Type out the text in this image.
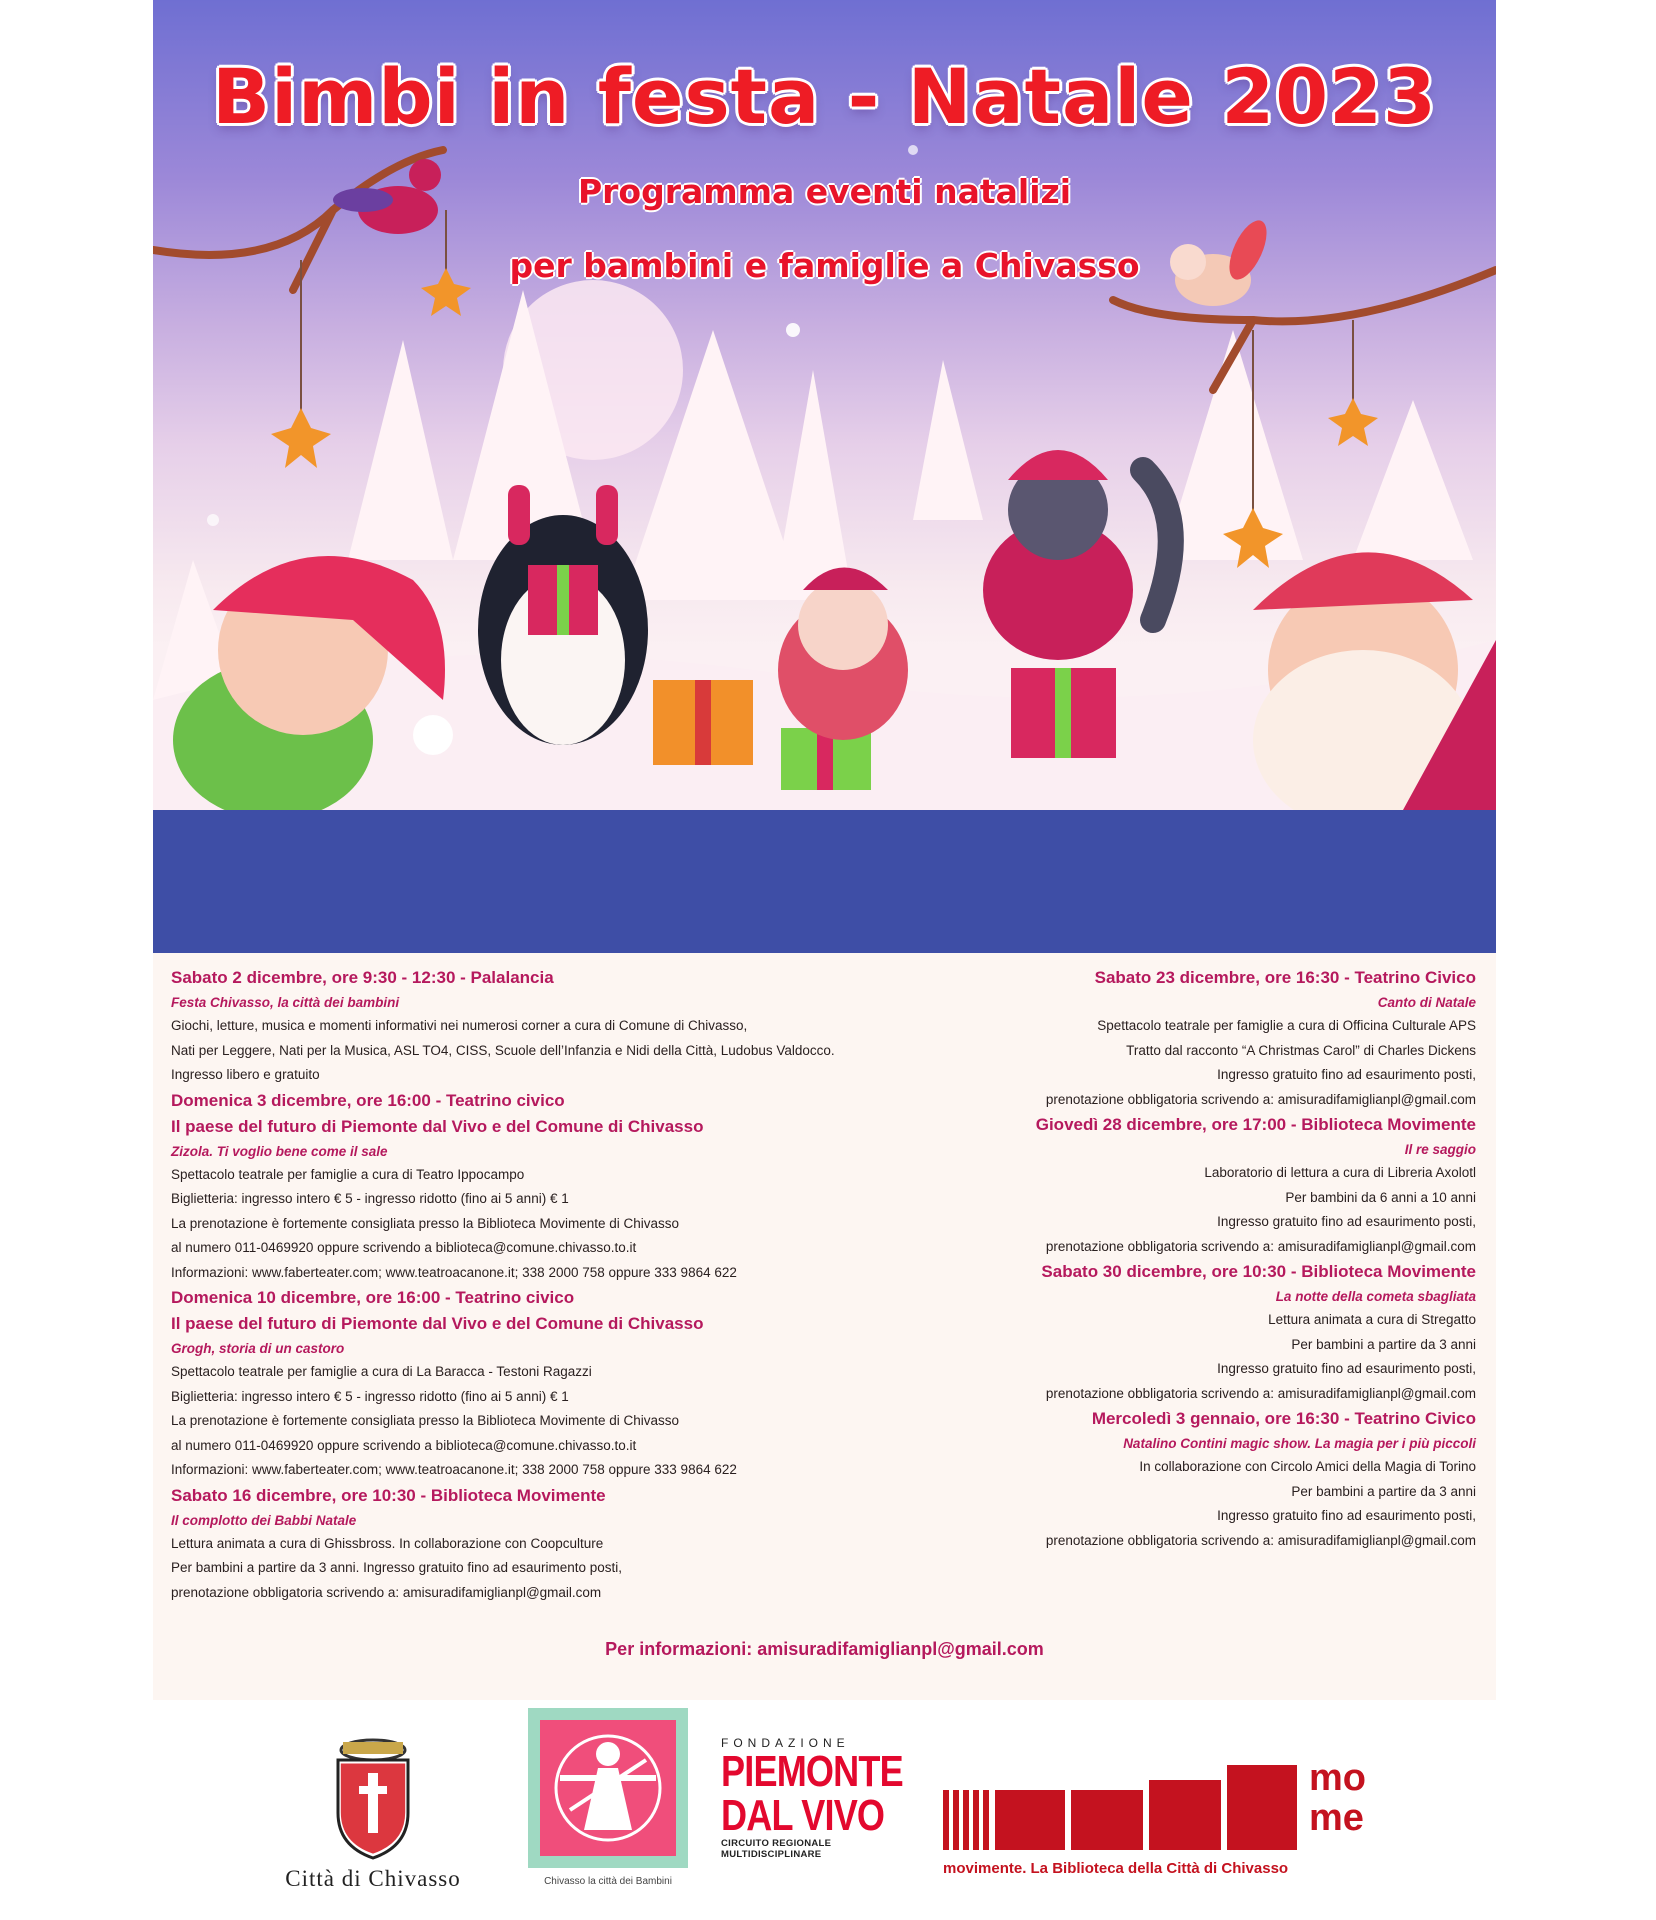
Bimbi in festa - Natale 2023
Programma eventi natalizi
per bambini e famiglie a Chivasso

Sabato 2 dicembre, ore 9:30 - 12:30 - Palalancia

Festa Chivasso, la città dei bambini

Giochi, letture, musica e momenti informativi nei numerosi corner a cura di Comune di Chivasso,

Nati per Leggere, Nati per la Musica, ASL TO4, CISS, Scuole dell’Infanzia e Nidi della Città, Ludobus Valdocco.

Ingresso libero e gratuito

Domenica 3 dicembre, ore 16:00 - Teatrino civico

Il paese del futuro di Piemonte dal Vivo e del Comune di Chivasso

Zizola. Ti voglio bene come il sale

Spettacolo teatrale per famiglie a cura di Teatro Ippocampo

Biglietteria: ingresso intero € 5 - ingresso ridotto (fino ai 5 anni) € 1

La prenotazione è fortemente consigliata presso la Biblioteca Movimente di Chivasso

al numero 011-0469920 oppure scrivendo a biblioteca@comune.chivasso.to.it

Informazioni: www.faberteater.com; www.teatroacanone.it; 338 2000 758 oppure 333 9864 622

Domenica 10 dicembre, ore 16:00 - Teatrino civico

Il paese del futuro di Piemonte dal Vivo e del Comune di Chivasso

Grogh, storia di un castoro

Spettacolo teatrale per famiglie a cura di La Baracca - Testoni Ragazzi

Biglietteria: ingresso intero € 5 - ingresso ridotto (fino ai 5 anni) € 1

La prenotazione è fortemente consigliata presso la Biblioteca Movimente di Chivasso

al numero 011-0469920 oppure scrivendo a biblioteca@comune.chivasso.to.it

Informazioni: www.faberteater.com; www.teatroacanone.it; 338 2000 758 oppure 333 9864 622

Sabato 16 dicembre, ore 10:30 - Biblioteca Movimente

Il complotto dei Babbi Natale

Lettura animata a cura di Ghissbross. In collaborazione con Coopculture

Per bambini a partire da 3 anni. Ingresso gratuito fino ad esaurimento posti,

prenotazione obbligatoria scrivendo a: amisuradifamiglianpl@gmail.com

Sabato 23 dicembre, ore 16:30 - Teatrino Civico

Canto di Natale

Spettacolo teatrale per famiglie a cura di Officina Culturale APS

Tratto dal racconto “A Christmas Carol” di Charles Dickens

Ingresso gratuito fino ad esaurimento posti,

prenotazione obbligatoria scrivendo a: amisuradifamiglianpl@gmail.com

Giovedì 28 dicembre, ore 17:00 - Biblioteca Movimente

Il re saggio

Laboratorio di lettura a cura di Libreria Axolotl

Per bambini da 6 anni a 10 anni

Ingresso gratuito fino ad esaurimento posti,

prenotazione obbligatoria scrivendo a: amisuradifamiglianpl@gmail.com

Sabato 30 dicembre, ore 10:30 - Biblioteca Movimente

La notte della cometa sbagliata

Lettura animata a cura di Stregatto

Per bambini a partire da 3 anni

Ingresso gratuito fino ad esaurimento posti,

prenotazione obbligatoria scrivendo a: amisuradifamiglianpl@gmail.com

Mercoledì 3 gennaio, ore 16:30 - Teatrino Civico

Natalino Contini magic show. La magia per i più piccoli

In collaborazione con Circolo Amici della Magia di Torino

Per bambini a partire da 3 anni

Ingresso gratuito fino ad esaurimento posti,

prenotazione obbligatoria scrivendo a: amisuradifamiglianpl@gmail.com

Per informazioni: amisuradifamiglianpl@gmail.com
Città di Chivasso	Chivasso la città dei Bambini
FONDAZIONE
PIEMONTE
DAL VIVO
CIRCUITO REGIONALE MULTIDISCIPLINARE
mo
me
movimente. La Biblioteca della Città di Chivasso
